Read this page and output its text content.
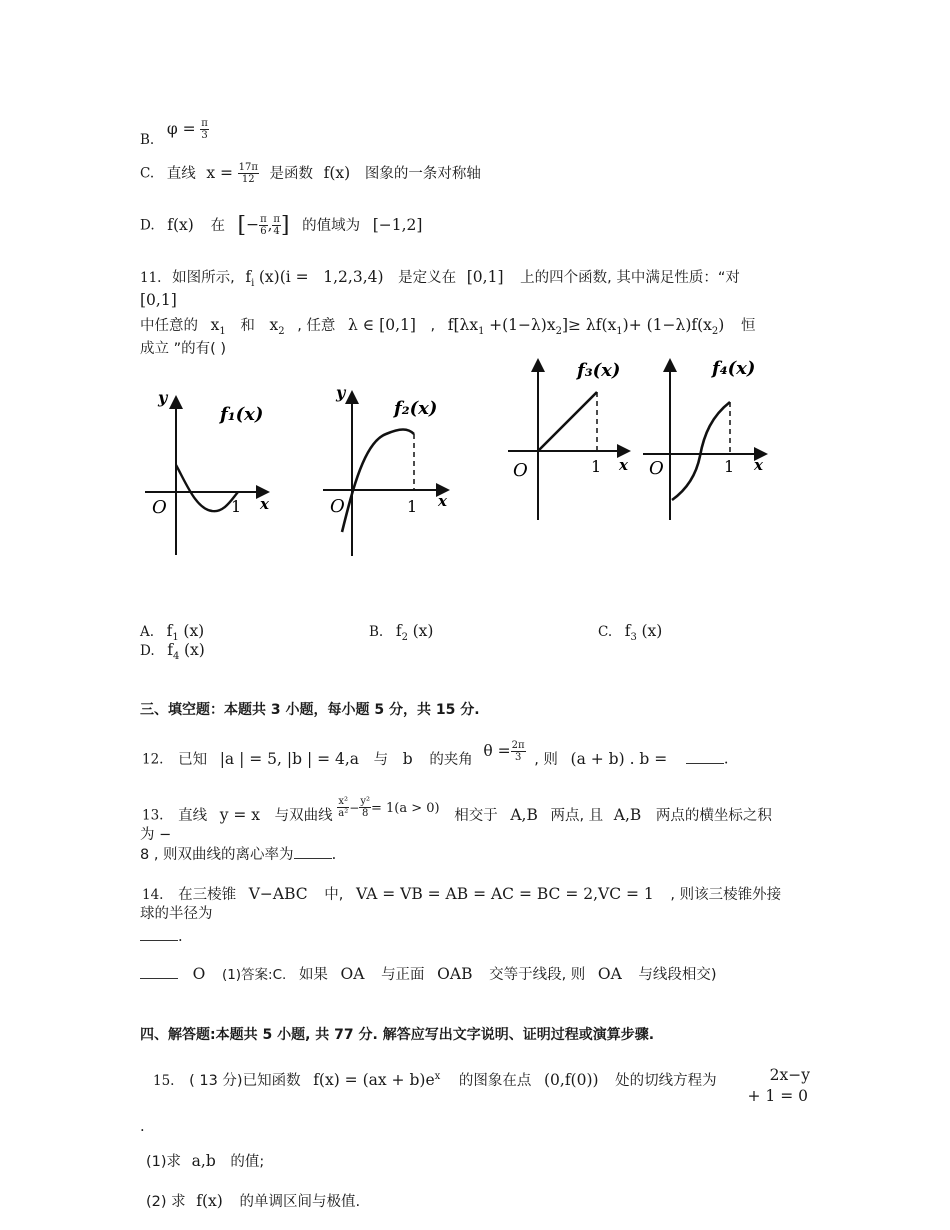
B. $\varphi = \frac{\pi}{3}$
C. 直线 $x = \frac{17\pi}{12}$ 是函数 f(x) 图象的一条对称轴
D. f(x) 在 [− $\frac{\pi}{6}$ , $\frac{\pi}{4}$ ] 的值域为 [−1,2]
11. 如图所示, $f_i$ (x)(i = 1,2,3,4) 是定义在 [0,1] 上的四个函数, 其中满足性质：“对
[0,1]
中任意的 $x_1$ 和 $x_2$ , 任意 λ ∈ [0,1] , $f[\lambda x_1 +(1-\lambda)x_2]\ge \lambda f(x_1)+ (1-\lambda)f(x_2)$ 恒
成立 ”的有( )
y
f₁(x)
O	1 x
y
f₂(x)
O	1 x
f₃(x)
O	1 x
f₄(x)
O	1 x
A. $f_1$ (x)	B. $f_2$ (x)	C. $f_3$ (x)
D. $f_4$ (x)
三、填空题：本题共 3 小题，每小题 5 分，共 15 分.
12. 已知 |a | = 5, |b | = 4,a 与 b 的夹角 $\theta = \frac{2\pi}{3}$ , 则 (a + b) . b =	.
13. 直线 y = x 与双曲线 $\frac{\text{x²}}{\text{a²}} - \frac{\text{y²}}{8} = 1(a > 0)$ 相交于 A,B 两点, 且 A,B 两点的横坐标之积
为 −
8 , 则双曲线的离心率为	.
14. 在三棱锥 V−ABC 中, VA = VB = AB = AC = BC = 2,VC = 1 , 则该三棱锥外接
球的半径为
.
O (1)答案:C. 如果 OA 与正面 OAB 交等于线段, 则 OA 与线段相交)
四、解答题:本题共 5 小题, 共 77 分. 解答应写出文字说明、证明过程或演算步骤.
15. ( 13 分)已知函数 $f(x) = (ax + b)e^x$ 的图象在点 (0,f(0)) 处的切线方程为	2x−y
+ 1 = 0
.
(1)求 a,b 的值;
(2) 求 f(x) 的单调区间与极值.
